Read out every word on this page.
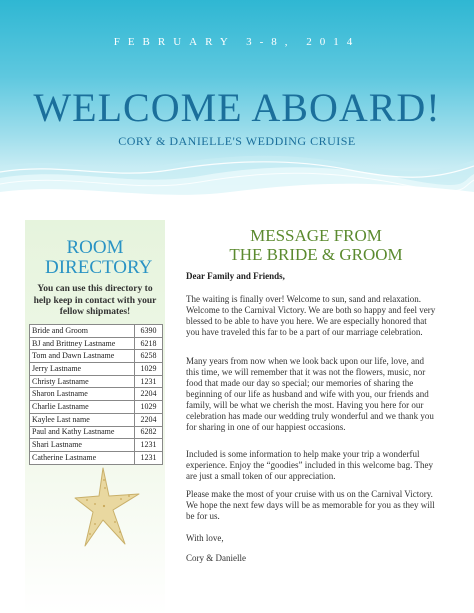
FEBRUARY 3-8, 2014
WELCOME ABOARD!
CORY & DANIELLE'S WEDDING CRUISE
ROOM DIRECTORY
You can use this directory to help keep in contact with your fellow shipmates!
Bride and Groom	6390
BJ and Brittney Lastname	6218
Tom and Dawn Lastname	6258
Jerry Lastname	1029
Christy Lastname	1231
Sharon Lastname	2204
Charlie Lastname	1029
Kaylee Last name	2204
Paul and Kathy Lastname	6282
Shari Lastname	1231
Catherine Lastname	1231
MESSAGE FROM
THE BRIDE & GROOM
Dear Family and Friends,
The waiting is finally over! Welcome to sun, sand and relaxation. Welcome to the Carnival Victory. We are both so happy and feel very blessed to be able to have you here. We are especially honored that you have traveled this far to be a part of our marriage celebration.
Many years from now when we look back upon our life, love, and this time, we will remember that it was not the flowers, music, nor food that made our day so special; our memories of sharing the beginning of our life as husband and wife with you, our friends and family, will be what we cherish the most. Having you here for our celebration has made our wedding truly wonderful and we thank you for sharing in one of our happiest occasions.
Included is some information to help make your trip a wonderful experience. Enjoy the “goodies” included in this welcome bag. They are just a small token of our appreciation.
Please make the most of your cruise with us on the Carnival Victory. We hope the next few days will be as memorable for you as they will be for us.
With love,
Cory & Danielle
